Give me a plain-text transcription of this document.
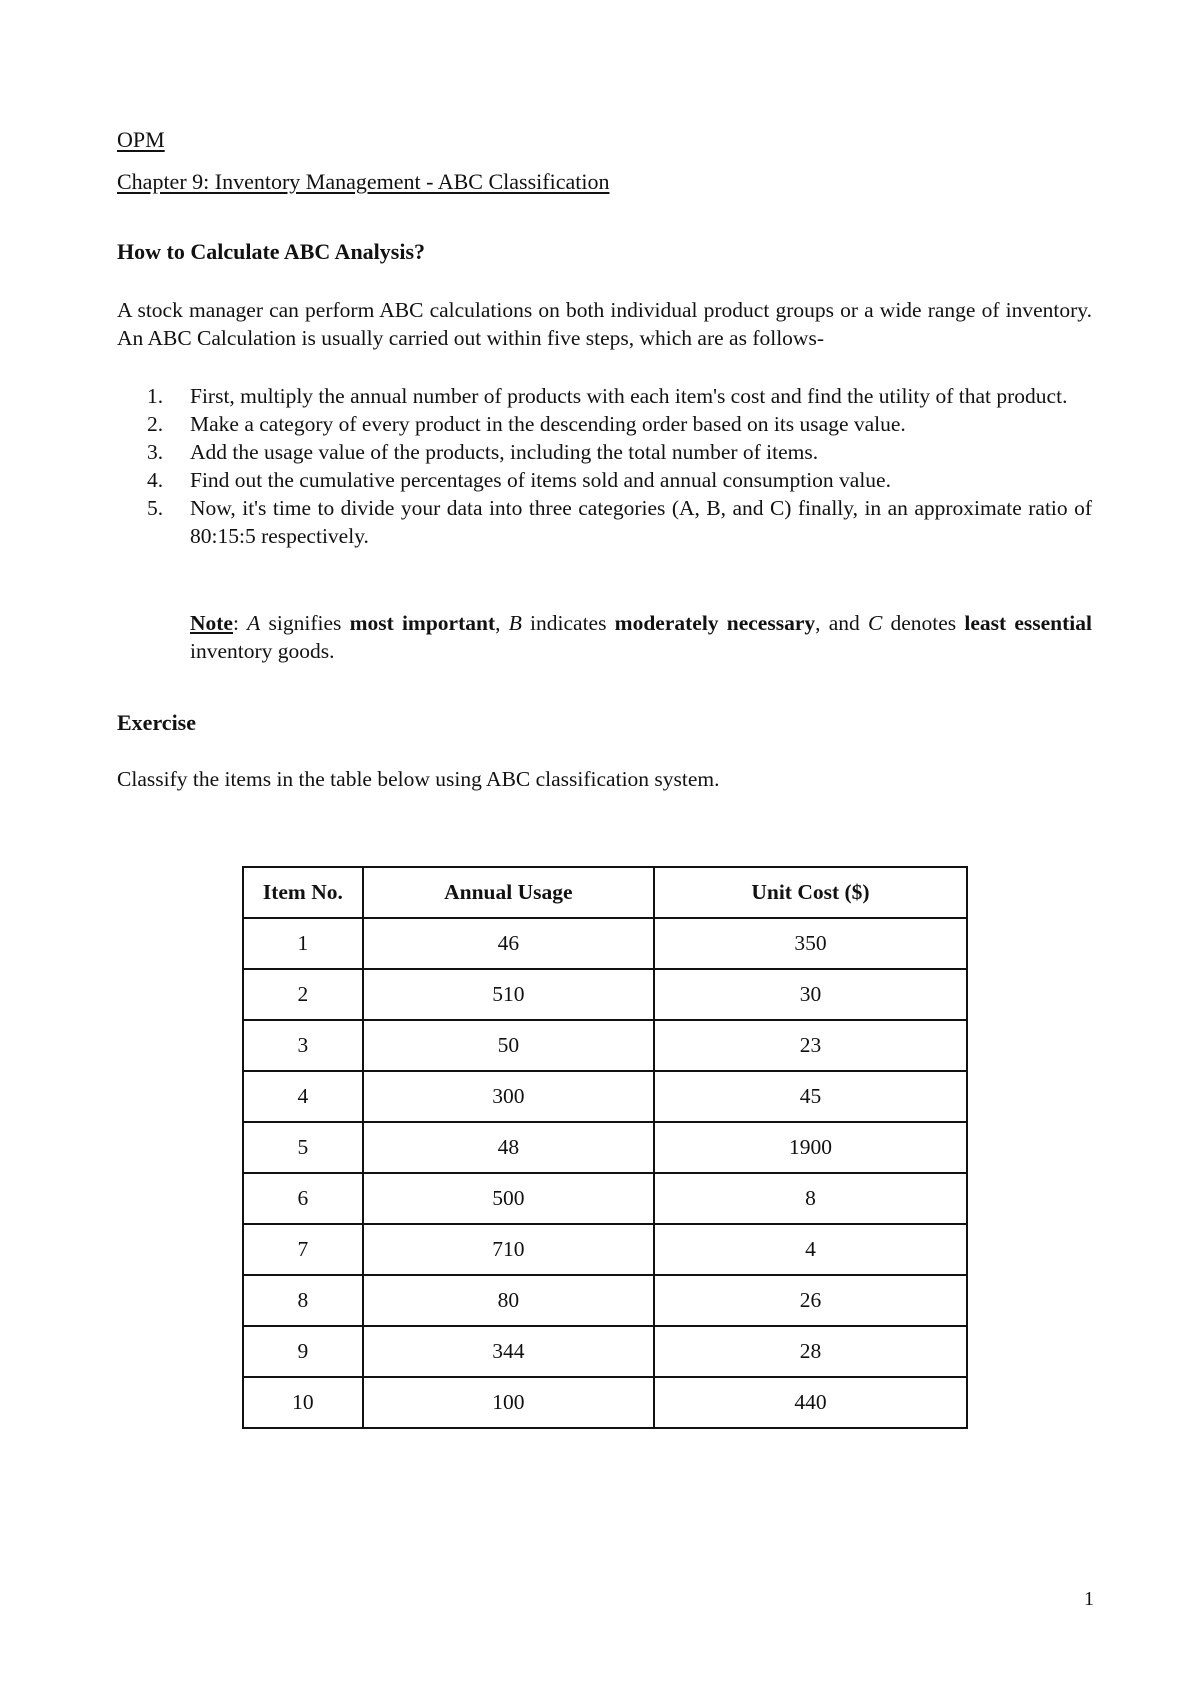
OPM
Chapter 9: Inventory Management - ABC Classification
How to Calculate ABC Analysis?

A stock manager can perform ABC calculations on both individual product groups or a wide range of inventory. An ABC Calculation is usually carried out within five steps, which are as follows-

1. First, multiply the annual number of products with each item's cost and find the utility of that product.
2. Make a category of every product in the descending order based on its usage value.
3. Add the usage value of the products, including the total number of items.
4. Find out the cumulative percentages of items sold and annual consumption value.
5. Now, it's time to divide your data into three categories (A, B, and C) finally, in an approximate ratio of 80:15:5 respectively.

Note: A signifies most important, B indicates moderately necessary, and C denotes least essential inventory goods.

Exercise
Classify the items in the table below using ABC classification system.
Item No.	Annual Usage	Unit Cost ($)
1	46	350
2	510	30
3	50	23
4	300	45
5	48	1900
6	500	8
7	710	4
8	80	26
9	344	28
10	100	440
1
